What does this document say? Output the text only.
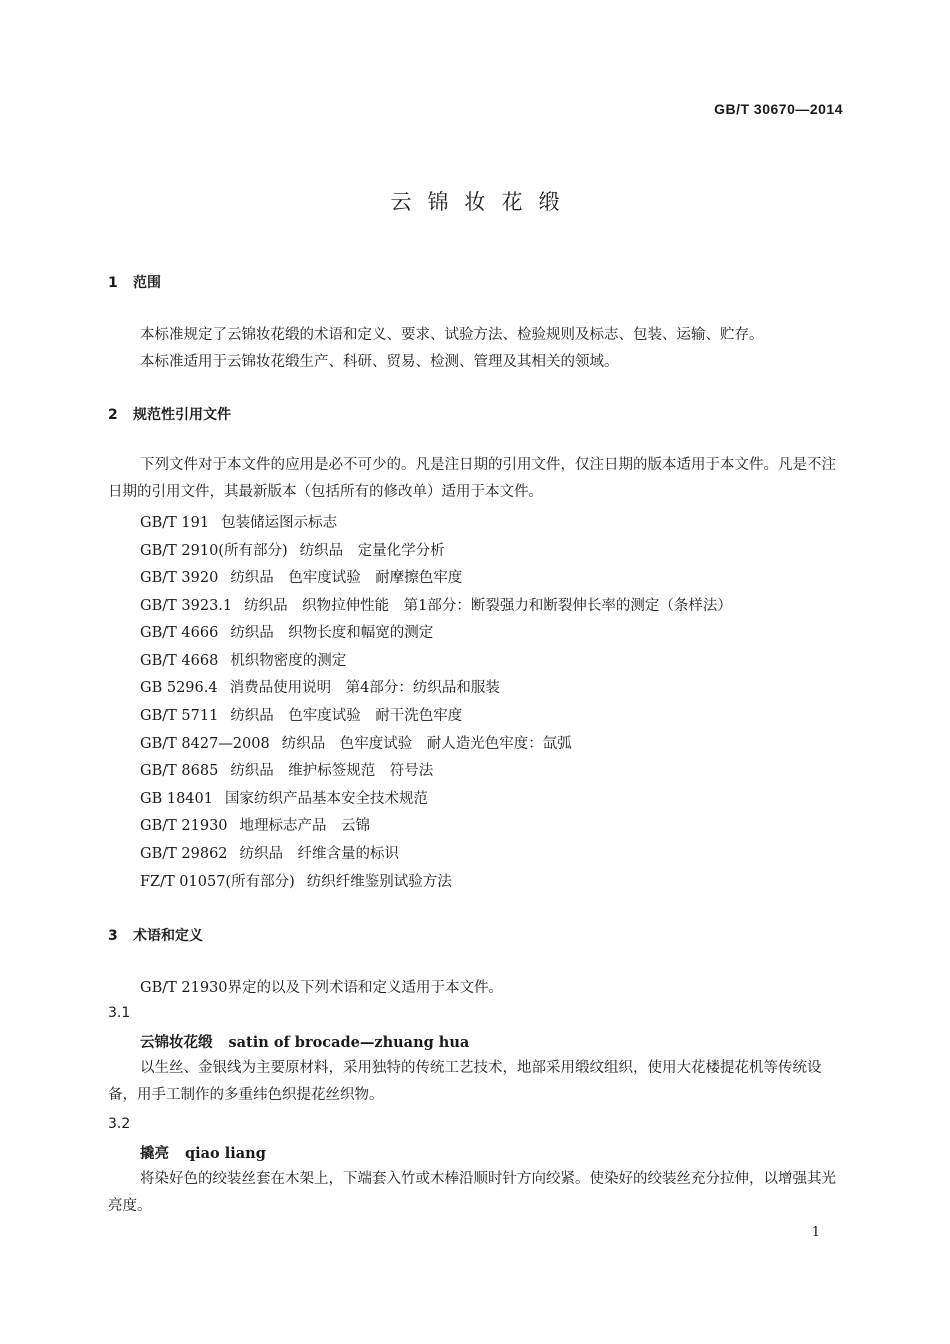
GB/T 30670—2014
云锦妆花缎
1 范围
本标准规定了云锦妆花缎的术语和定义、要求、试验方法、检验规则及标志、包装、运输、贮存。
本标准适用于云锦妆花缎生产、科研、贸易、检测、管理及其相关的领域。
2 规范性引用文件
下列文件对于本文件的应用是必不可少的。凡是注日期的引用文件，仅注日期的版本适用于本文件。凡是不注日期的引用文件，其最新版本（包括所有的修改单）适用于本文件。
GB/T 191 包装储运图示标志
GB/T 2910(所有部分) 纺织品　定量化学分析
GB/T 3920 纺织品　色牢度试验　耐摩擦色牢度
GB/T 3923.1 纺织品　织物拉伸性能　第1部分：断裂强力和断裂伸长率的测定（条样法）
GB/T 4666 纺织品　织物长度和幅宽的测定
GB/T 4668 机织物密度的测定
GB 5296.4 消费品使用说明　第4部分：纺织品和服装
GB/T 5711 纺织品　色牢度试验　耐干洗色牢度
GB/T 8427—2008 纺织品　色牢度试验　耐人造光色牢度：氙弧
GB/T 8685 纺织品　维护标签规范　符号法
GB 18401 国家纺织产品基本安全技术规范
GB/T 21930 地理标志产品　云锦
GB/T 29862 纺织品　纤维含量的标识
FZ/T 01057(所有部分) 纺织纤维鉴别试验方法
3 术语和定义
GB/T 21930界定的以及下列术语和定义适用于本文件。
3.1
云锦妆花缎 satin of brocade—zhuang hua
以生丝、金银线为主要原材料，采用独特的传统工艺技术，地部采用缎纹组织，使用大花楼提花机等传统设备，用手工制作的多重纬色织提花丝织物。
3.2
撬亮 qiao liang
将染好色的绞装丝套在木架上，下端套入竹或木棒沿顺时针方向绞紧。使染好的绞装丝充分拉伸，以增强其光亮度。
1
